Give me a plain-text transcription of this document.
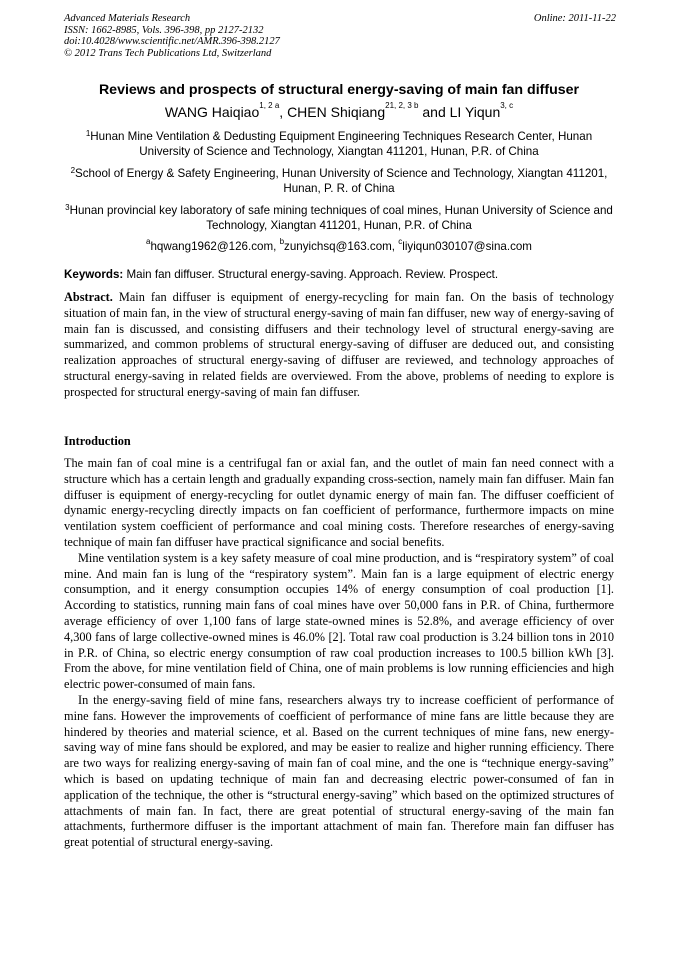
Advanced Materials Research
ISSN: 1662-8985, Vols. 396-398, pp 2127-2132
doi:10.4028/www.scientific.net/AMR.396-398.2127
© 2012 Trans Tech Publications Ltd, Switzerland
Online: 2011-11-22
Reviews and prospects of structural energy-saving of main fan diffuser
WANG Haiqiao$^{1, 2 a}$, CHEN Shiqiang$^{21, 2, 3 b}$ and LI Yiqun$^{3, c}$
$^1$Hunan Mine Ventilation & Dedusting Equipment Engineering Techniques Research Center, Hunan University of Science and Technology, Xiangtan 411201, Hunan, P.R. of China
$^2$School of Energy & Safety Engineering, Hunan University of Science and Technology, Xiangtan 411201, Hunan, P. R. of China
$^3$Hunan provincial key laboratory of safe mining techniques of coal mines, Hunan University of Science and Technology, Xiangtan 411201, Hunan, P.R. of China
$^a$hqwang1962@126.com, $^b$zunyichsq@163.com, $^c$liyiqun030107@sina.com
Keywords: Main fan diffuser. Structural energy-saving. Approach. Review. Prospect.
Abstract. Main fan diffuser is equipment of energy-recycling for main fan. On the basis of technology situation of main fan, in the view of structural energy-saving of main fan diffuser, new way of energy-saving of main fan is discussed, and consisting diffusers and their technology level of structural energy-saving are summarized, and common problems of structural energy-saving of diffuser are deduced out, and consisting realization approaches of structural energy-saving of diffuser are reviewed, and technology approaches of structural energy-saving in related fields are overviewed. From the above, problems of needing to explore is prospected for structural energy-saving of main fan diffuser.
Introduction
The main fan of coal mine is a centrifugal fan or axial fan, and the outlet of main fan need connect with a structure which has a certain length and gradually expanding cross-section, namely main fan diffuser. Main fan diffuser is equipment of energy-recycling for outlet dynamic energy of main fan. The diffuser coefficient of dynamic energy-recycling directly impacts on fan coefficient of performance, furthermore impacts on mine ventilation system coefficient of performance and coal mining costs. Therefore researches of energy-saving technique of main fan diffuser have practical significance and social benefits.
Mine ventilation system is a key safety measure of coal mine production, and is “respiratory system” of coal mine. And main fan is lung of the “respiratory system”. Main fan is a large equipment of electric energy consumption, and it energy consumption occupies 14% of energy consumption of coal production [1]. According to statistics, running main fans of coal mines have over 50,000 fans in P.R. of China, furthermore average efficiency of over 1,100 fans of large state-owned mines is 52.8%, and average efficiency of over 4,300 fans of large collective-owned mines is 46.0% [2]. Total raw coal production is 3.24 billion tons in 2010 in P.R. of China, so electric energy consumption of raw coal production increases to 100.5 billion kWh [3]. From the above, for mine ventilation field of China, one of main problems is low running efficiencies and high electric power-consumed of main fans.
In the energy-saving field of mine fans, researchers always try to increase coefficient of performance of mine fans. However the improvements of coefficient of performance of mine fans are little because they are hindered by theories and material science, et al. Based on the current techniques of mine fans, new energy-saving way of mine fans should be explored, and may be easier to realize and higher running efficiency. There are two ways for realizing energy-saving of main fan of coal mine, and the one is “technique energy-saving” which is based on updating technique of main fan and decreasing electric power-consumed of fan in application of the technique, the other is “structural energy-saving” which based on the optimized structures of attachments of main fan. In fact, there are great potential of structural energy-saving of the main fan attachments, furthermore diffuser is the important attachment of main fan. Therefore main fan diffuser has great potential of structural energy-saving.
